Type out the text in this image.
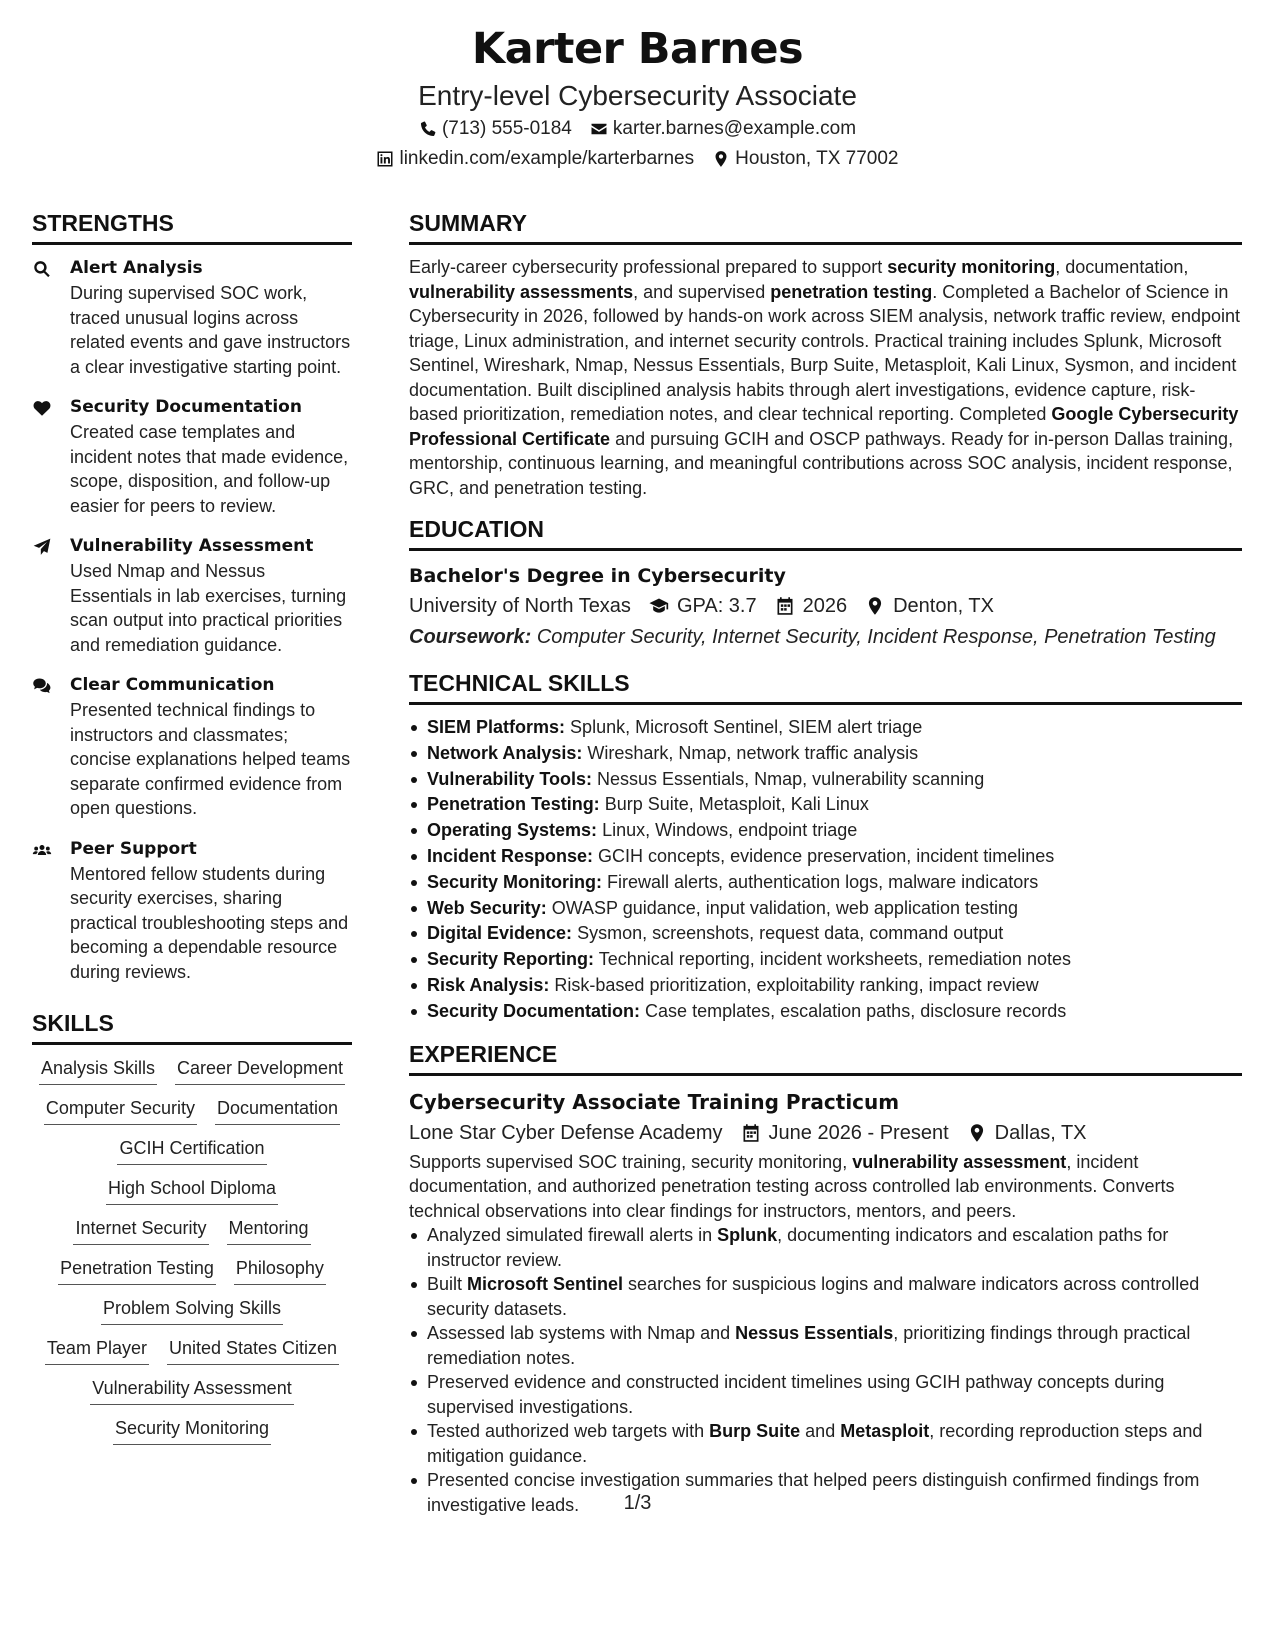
Karter Barnes
Entry-level Cybersecurity Associate
(713) 555-0184 karter.barnes@example.com
linkedin.com/example/karterbarnes Houston, TX 77002
STRENGTHS
Alert Analysis
During supervised SOC work, traced unusual logins across related events and gave instructors a clear investigative starting point.
Security Documentation
Created case templates and incident notes that made evidence, scope, disposition, and follow-up easier for peers to review.
Vulnerability Assessment
Used Nmap and Nessus Essentials in lab exercises, turning scan output into practical priorities and remediation guidance.
Clear Communication
Presented technical findings to instructors and classmates; concise explanations helped teams separate confirmed evidence from open questions.
Peer Support
Mentored fellow students during security exercises, sharing practical troubleshooting steps and becoming a dependable resource during reviews.
SKILLS
Analysis Skills Career Development
Computer Security Documentation
GCIH Certification
High School Diploma
Internet Security Mentoring
Penetration Testing Philosophy
Problem Solving Skills
Team Player United States Citizen
Vulnerability Assessment
Security Monitoring
SUMMARY

Early-career cybersecurity professional prepared to support security monitoring, documentation, vulnerability assessments, and supervised penetration testing. Completed a Bachelor of Science in Cybersecurity in 2026, followed by hands-on work across SIEM analysis, network traffic review, endpoint triage, Linux administration, and internet security controls. Practical training includes Splunk, Microsoft Sentinel, Wireshark, Nmap, Nessus Essentials, Burp Suite, Metasploit, Kali Linux, Sysmon, and incident documentation. Built disciplined analysis habits through alert investigations, evidence capture, risk-based prioritization, remediation notes, and clear technical reporting. Completed Google Cybersecurity Professional Certificate and pursuing GCIH and OSCP pathways. Ready for in-person Dallas training, mentorship, continuous learning, and meaningful contributions across SOC analysis, incident response, GRC, and penetration testing.

EDUCATION
Bachelor's Degree in Cybersecurity
University of North Texas GPA: 3.7 2026 Denton, TX
Coursework: Computer Security, Internet Security, Incident Response, Penetration Testing
TECHNICAL SKILLS
SIEM Platforms: Splunk, Microsoft Sentinel, SIEM alert triage
Network Analysis: Wireshark, Nmap, network traffic analysis
Vulnerability Tools: Nessus Essentials, Nmap, vulnerability scanning
Penetration Testing: Burp Suite, Metasploit, Kali Linux
Operating Systems: Linux, Windows, endpoint triage
Incident Response: GCIH concepts, evidence preservation, incident timelines
Security Monitoring: Firewall alerts, authentication logs, malware indicators
Web Security: OWASP guidance, input validation, web application testing
Digital Evidence: Sysmon, screenshots, request data, command output
Security Reporting: Technical reporting, incident worksheets, remediation notes
Risk Analysis: Risk-based prioritization, exploitability ranking, impact review
Security Documentation: Case templates, escalation paths, disclosure records
EXPERIENCE
Cybersecurity Associate Training Practicum
Lone Star Cyber Defense Academy June 2026 - Present Dallas, TX

Supports supervised SOC training, security monitoring, vulnerability assessment, incident documentation, and authorized penetration testing across controlled lab environments. Converts technical observations into clear findings for instructors, mentors, and peers.

Analyzed simulated firewall alerts in Splunk, documenting indicators and escalation paths for instructor review.
Built Microsoft Sentinel searches for suspicious logins and malware indicators across controlled security datasets.
Assessed lab systems with Nmap and Nessus Essentials, prioritizing findings through practical remediation notes.
Preserved evidence and constructed incident timelines using GCIH pathway concepts during supervised investigations.
Tested authorized web targets with Burp Suite and Metasploit, recording reproduction steps and mitigation guidance.
Presented concise investigation summaries that helped peers distinguish confirmed findings from investigative leads.	1/3
